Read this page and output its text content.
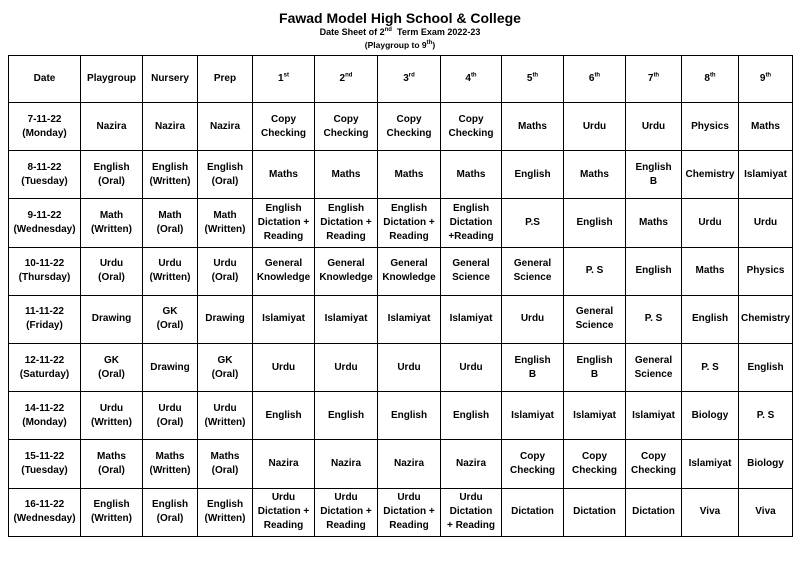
Fawad Model High School & College
Date Sheet of 2nd  Term Exam 2022-23
(Playgroup to 9th)
Date	Playgroup	Nursery	Prep	1st	2nd	3rd	4th	5th	6th	7th	8th	9th
7-11-22
(Monday)	Nazira	Nazira	Nazira	Copy
Checking	Copy
Checking	Copy
Checking	Copy
Checking	Maths	Urdu	Urdu	Physics	Maths
8-11-22
(Tuesday)	English
(Oral)	English
(Written)	English
(Oral)	Maths	Maths	Maths	Maths	English	Maths	English
B	Chemistry	Islamiyat
9-11-22
(Wednesday)	Math
(Written)	Math
(Oral)	Math
(Written)	English
Dictation +
Reading	English
Dictation +
Reading	English
Dictation +
Reading	English
Dictation
+Reading	P.S	English	Maths	Urdu	Urdu
10-11-22
(Thursday)	Urdu
(Oral)	Urdu
(Written)	Urdu
(Oral)	General
Knowledge	General
Knowledge	General
Knowledge	General
Science	General
Science	P. S	English	Maths	Physics
11-11-22
(Friday)	Drawing	GK
(Oral)	Drawing	Islamiyat	Islamiyat	Islamiyat	Islamiyat	Urdu	General
Science	P. S	English	Chemistry
12-11-22
(Saturday)	GK
(Oral)	Drawing	GK
(Oral)	Urdu	Urdu	Urdu	Urdu	English
B	English
B	General
Science	P. S	English
14-11-22
(Monday)	Urdu
(Written)	Urdu
(Oral)	Urdu
(Written)	English	English	English	English	Islamiyat	Islamiyat	Islamiyat	Biology	P. S
15-11-22
(Tuesday)	Maths
(Oral)	Maths
(Written)	Maths
(Oral)	Nazira	Nazira	Nazira	Nazira	Copy
Checking	Copy
Checking	Copy
Checking	Islamiyat	Biology
16-11-22
(Wednesday)	English
(Written)	English
(Oral)	English
(Written)	Urdu
Dictation +
Reading	Urdu
Dictation +
Reading	Urdu
Dictation +
Reading	Urdu
Dictation
+ Reading	Dictation	Dictation	Dictation	Viva	Viva
